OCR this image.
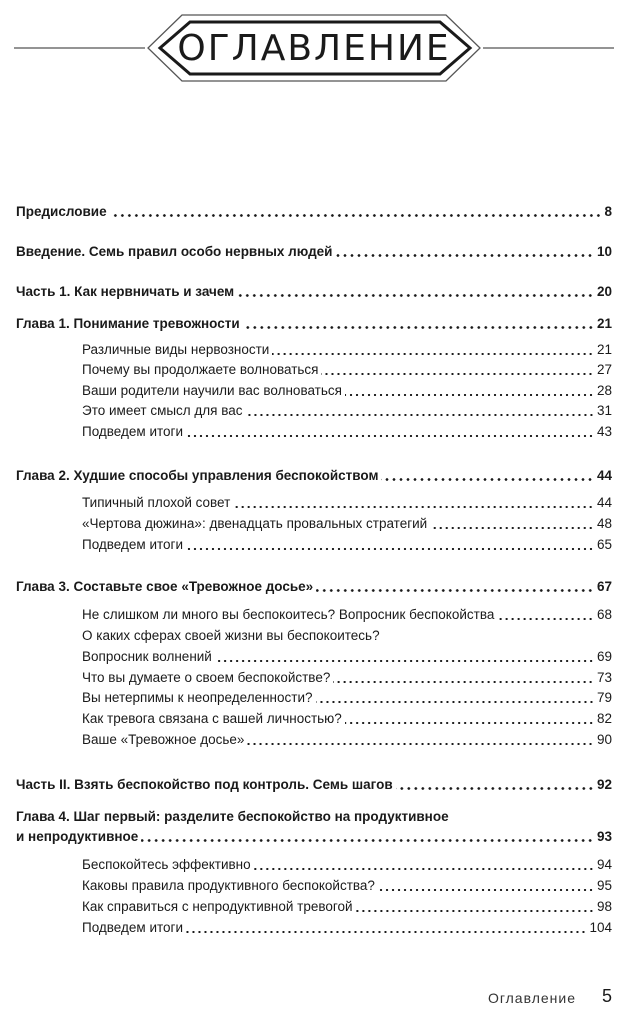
ОГЛАВЛЕНИЕ
Предисловие	8
Введение. Семь правил особо нервных людей	10
Часть 1. Как нервничать и зачем	20
Глава 1. Понимание тревожности	21
Различные виды нервозности	21
Почему вы продолжаете волноваться	27
Ваши родители научили вас волноваться	28
Это имеет смысл для вас	31
Подведем итоги	43
Глава 2. Худшие способы управления беспокойством	44
Типичный плохой совет	44
«Чертова дюжина»: двенадцать провальных стратегий	48
Подведем итоги	65
Глава 3. Составьте свое «Тревожное досье»	67
Не слишком ли много вы беспокоитесь? Вопросник беспокойства	68
О каких сферах своей жизни вы беспокоитесь?
Вопросник волнений	69
Что вы думаете о своем беспокойстве?	73
Вы нетерпимы к неопределенности?	79
Как тревога связана с вашей личностью?	82
Ваше «Тревожное досье»	90
Часть II. Взять беспокойство под контроль. Семь шагов	92
Глава 4. Шаг первый: разделите беспокойство на продуктивное
и непродуктивное	93
Беспокойтесь эффективно	94
Каковы правила продуктивного беспокойства?	95
Как справиться с непродуктивной тревогой	98
Подведем итоги	104
Оглавление 5
